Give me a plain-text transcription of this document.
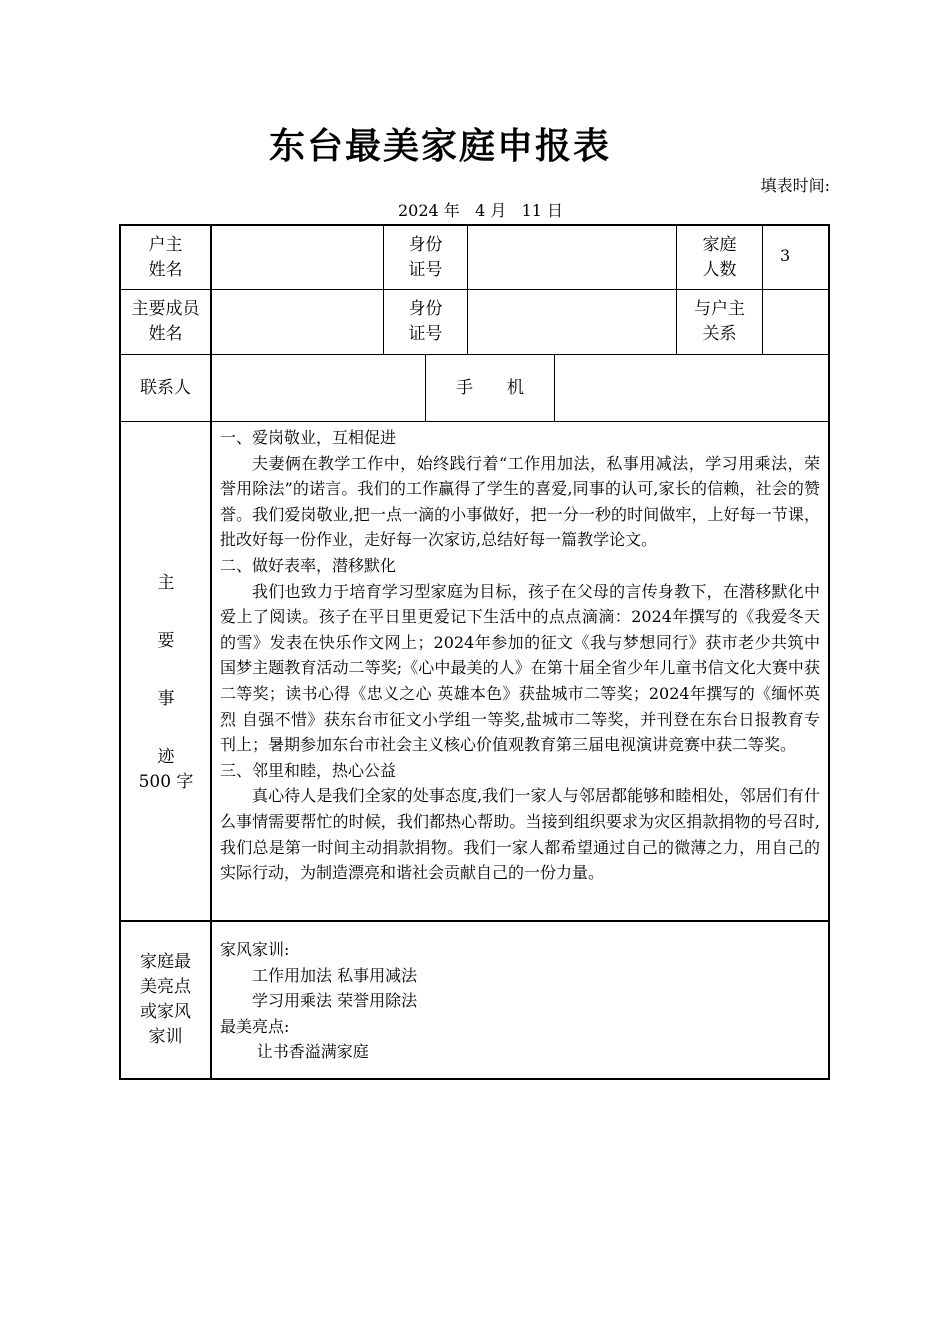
东台最美家庭申报表
填表时间:
2024 年   4 月   11 日
户主
姓名
身份
证号
家庭
人数
3
主要成员
姓名
身份
证号
与户主
关系
联系人	手　　机
主
要
事
迹
500 字

一、爱岗敬业，互相促进

夫妻俩在教学工作中，始终践行着“工作用加法，私事用减法，学习用乘法，荣誉用除法”的诺言。我们的工作赢得了学生的喜爱,同事的认可,家长的信赖，社会的赞誉。我们爱岗敬业,把一点一滴的小事做好，把一分一秒的时间做牢，上好每一节课，批改好每一份作业，走好每一次家访,总结好每一篇教学论文。

二、做好表率，潜移默化

我们也致力于培育学习型家庭为目标，孩子在父母的言传身教下，在潜移默化中爱上了阅读。孩子在平日里更爱记下生活中的点点滴滴：2024年撰写的《我爱冬天的雪》发表在快乐作文网上；2024年参加的征文《我与梦想同行》获市老少共筑中国梦主题教育活动二等奖;《心中最美的人》在第十届全省少年儿童书信文化大赛中获二等奖；读书心得《忠义之心 英雄本色》获盐城市二等奖；2024年撰写的《缅怀英烈 自强不惜》获东台市征文小学组一等奖,盐城市二等奖，并刊登在东台日报教育专刊上；暑期参加东台市社会主义核心价值观教育第三届电视演讲竞赛中获二等奖。

三、邻里和睦，热心公益

真心待人是我们全家的处事态度,我们一家人与邻居都能够和睦相处，邻居们有什么事情需要帮忙的时候，我们都热心帮助。当接到组织要求为灾区捐款捐物的号召时,我们总是第一时间主动捐款捐物。我们一家人都希望通过自己的微薄之力，用自己的实际行动，为制造漂亮和谐社会贡献自己的一份力量。

家庭最
美亮点
或家风
家训

家风家训:

工作用加法 私事用减法

学习用乘法 荣誉用除法

最美亮点:

让书香溢满家庭
